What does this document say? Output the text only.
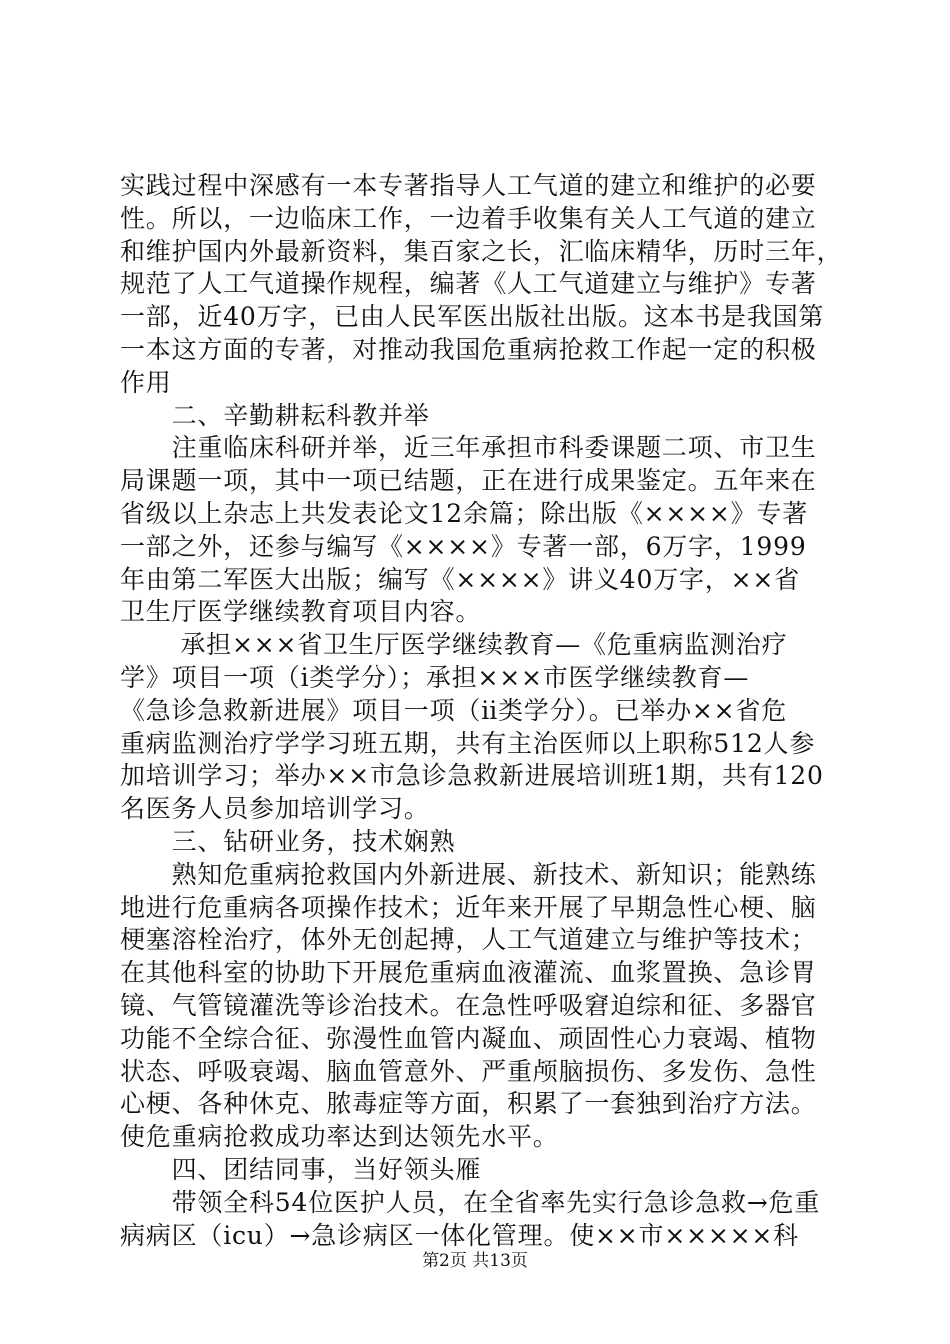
实践过程中深感有一本专著指导人工气道的建立和维护的必要
性。所以，一边临床工作，一边着手收集有关人工气道的建立
和维护国内外最新资料，集百家之长，汇临床精华，历时三年，
规范了人工气道操作规程，编著《人工气道建立与维护》专著
一部，近40万字，已由人民军医出版社出版。这本书是我国第
一本这方面的专著，对推动我国危重病抢救工作起一定的积极
作用
　　二、辛勤耕耘科教并举
　　注重临床科研并举，近三年承担市科委课题二项、市卫生
局课题一项，其中一项已结题，正在进行成果鉴定。五年来在
省级以上杂志上共发表论文12余篇；除出版《××××》专著
一部之外，还参与编写《××××》专著一部，6万字，1999
年由第二军医大出版；编写《××××》讲义40万字，××省
卫生厅医学继续教育项目内容。
　　 承担×××省卫生厅医学继续教育—《危重病监测治疗
学》项目一项（ⅰ类学分）；承担×××市医学继续教育—
《急诊急救新进展》项目一项（ⅱ类学分）。已举办××省危
重病监测治疗学学习班五期，共有主治医师以上职称512人参
加培训学习；举办××市急诊急救新进展培训班1期，共有120
名医务人员参加培训学习。
　　三、钻研业务，技术娴熟
　　熟知危重病抢救国内外新进展、新技术、新知识；能熟练
地进行危重病各项操作技术；近年来开展了早期急性心梗、脑
梗塞溶栓治疗，体外无创起搏，人工气道建立与维护等技术；
在其他科室的协助下开展危重病血液灌流、血浆置换、急诊胃
镜、气管镜灌洗等诊治技术。在急性呼吸窘迫综和征、多器官
功能不全综合征、弥漫性血管内凝血、顽固性心力衰竭、植物
状态、呼吸衰竭、脑血管意外、严重颅脑损伤、多发伤、急性
心梗、各种休克、脓毒症等方面，积累了一套独到治疗方法。
使危重病抢救成功率达到达领先水平。
　　四、团结同事，当好领头雁
　　带领全科54位医护人员，在全省率先实行急诊急救→危重
病病区（icu）→急诊病区一体化管理。使××市×××××科
第2页 共13页
